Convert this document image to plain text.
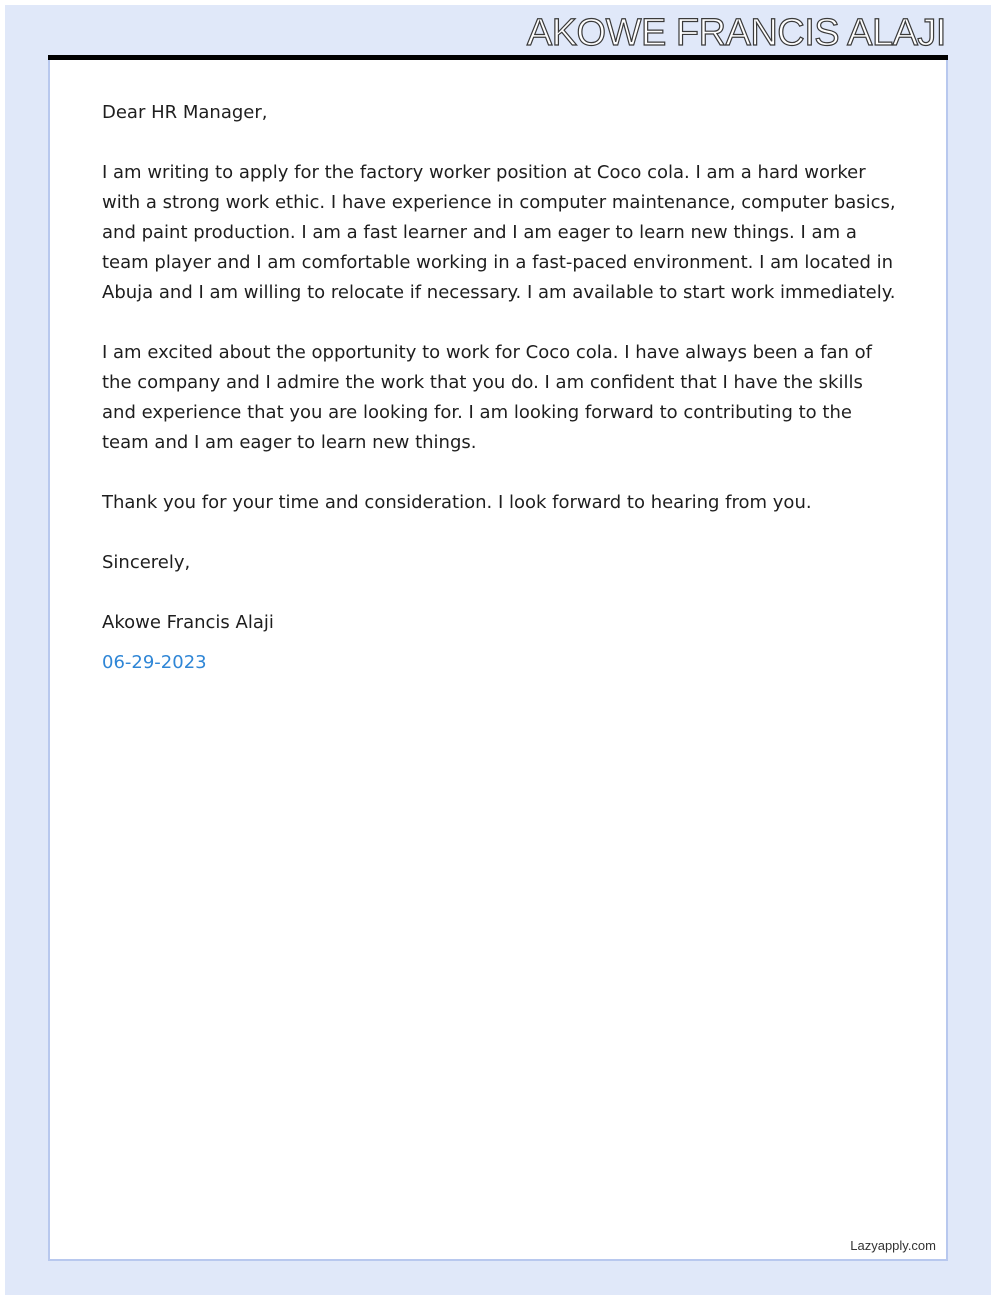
AKOWE FRANCIS ALAJI

Dear HR Manager,

I am writing to apply for the factory worker position at Coco cola. I am a hard worker with a strong work ethic. I have experience in computer maintenance, computer basics, and paint production. I am a fast learner and I am eager to learn new things. I am a team player and I am comfortable working in a fast-paced environment. I am located in Abuja and I am willing to relocate if necessary. I am available to start work immediately.

I am excited about the opportunity to work for Coco cola. I have always been a fan of the company and I admire the work that you do. I am confident that I have the skills and experience that you are looking for. I am looking forward to contributing to the team and I am eager to learn new things.

Thank you for your time and consideration. I look forward to hearing from you.

Sincerely,

Akowe Francis Alaji

06-29-2023
Lazyapply.com
